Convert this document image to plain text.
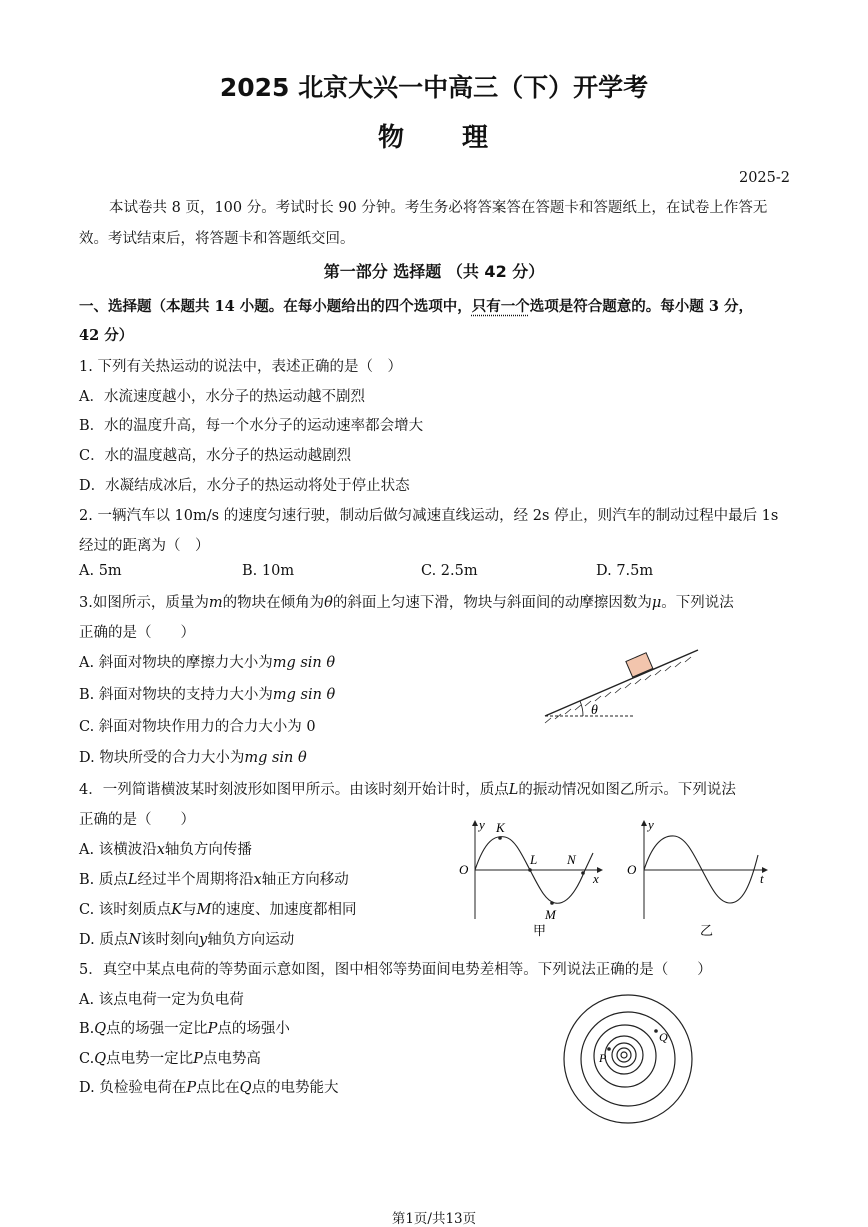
2025 北京大兴一中高三（下）开学考
物　　理
2025-2
本试卷共 8 页，100 分。考试时长 90 分钟。考生务必将答案答在答题卡和答题纸上，在试卷上作答无
效。考试结束后，将答题卡和答题纸交回。
第一部分 选择题 （共 42 分）
一、选择题（本题共 14 小题。在每小题给出的四个选项中，只有一个选项是符合题意的。每小题 3 分，
42 分）
1. 下列有关热运动的说法中，表述正确的是（　）
A．水流速度越小，水分子的热运动越不剧烈
B．水的温度升高，每一个水分子的运动速率都会增大
C．水的温度越高，水分子的热运动越剧烈
D．水凝结成冰后，水分子的热运动将处于停止状态
2. 一辆汽车以 10m/s 的速度匀速行驶，制动后做匀减速直线运动，经 2s 停止，则汽车的制动过程中最后 1s
经过的距离为（　）
A. 5m	B. 10m	C. 2.5m	D. 7.5m
3.如图所示，质量为m的物块在倾角为θ的斜面上匀速下滑，物块与斜面间的动摩擦因数为μ。下列说法
正确的是（　　）
A. 斜面对物块的摩擦力大小为mg sin θ
B. 斜面对物块的支持力大小为mg sin θ
C. 斜面对物块作用力的合力大小为 0
D. 物块所受的合力大小为mg sin θ
θ
4．一列简谐横波某时刻波形如图甲所示。由该时刻开始计时，质点L的振动情况如图乙所示。下列说法
正确的是（　　）
A. 该横波沿x轴负方向传播
B. 质点L经过半个周期将沿x轴正方向移动
C. 该时刻质点K与M的速度、加速度都相同
D. 质点N该时刻向y轴负方向运动
y K
O
L N
x
M
甲
y
O
t
乙
5．真空中某点电荷的等势面示意如图，图中相邻等势面间电势差相等。下列说法正确的是（　　）
A. 该点电荷一定为负电荷
B.Q点的场强一定比P点的场强小
C.Q点电势一定比P点电势高
D. 负检验电荷在P点比在Q点的电势能大
P
Q
第1页/共13页
